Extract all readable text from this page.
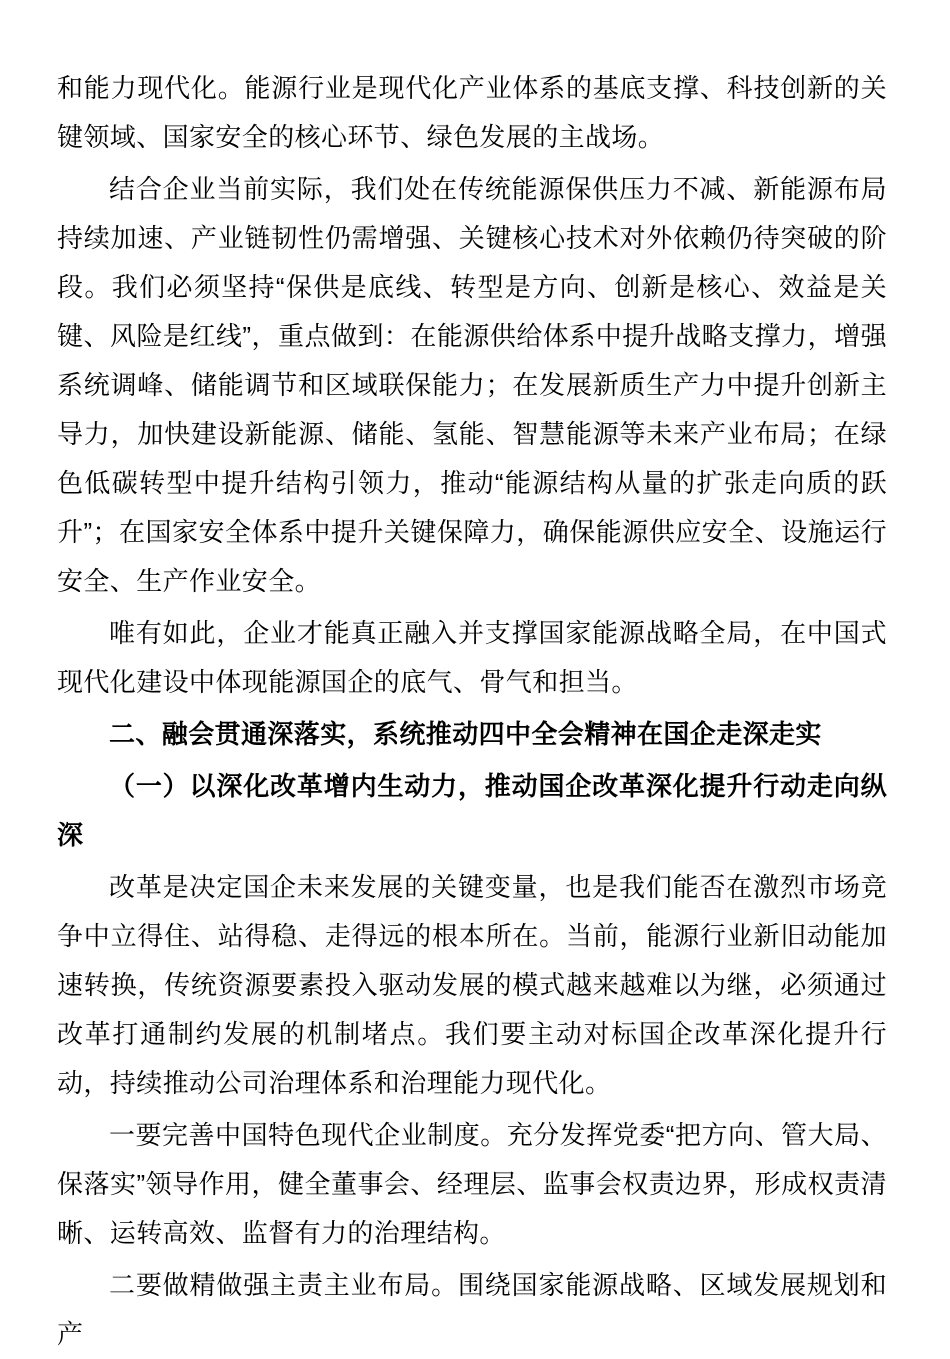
和能力现代化。能源行业是现代化产业体系的基底支撑、科技创新的关键领域、国家安全的核心环节、绿色发展的主战场。

结合企业当前实际，我们处在传统能源保供压力不减、新能源布局持续加速、产业链韧性仍需增强、关键核心技术对外依赖仍待突破的阶段。我们必须坚持“保供是底线、转型是方向、创新是核心、效益是关键、风险是红线”，重点做到：在能源供给体系中提升战略支撑力，增强系统调峰、储能调节和区域联保能力；在发展新质生产力中提升创新主导力，加快建设新能源、储能、氢能、智慧能源等未来产业布局；在绿色低碳转型中提升结构引领力，推动“能源结构从量的扩张走向质的跃升”；在国家安全体系中提升关键保障力，确保能源供应安全、设施运行安全、生产作业安全。

唯有如此，企业才能真正融入并支撑国家能源战略全局，在中国式现代化建设中体现能源国企的底气、骨气和担当。

二、融会贯通深落实，系统推动四中全会精神在国企走深走实

（一）以深化改革增内生动力，推动国企改革深化提升行动走向纵深

改革是决定国企未来发展的关键变量，也是我们能否在激烈市场竞争中立得住、站得稳、走得远的根本所在。当前，能源行业新旧动能加速转换，传统资源要素投入驱动发展的模式越来越难以为继，必须通过改革打通制约发展的机制堵点。我们要主动对标国企改革深化提升行动，持续推动公司治理体系和治理能力现代化。

一要完善中国特色现代企业制度。充分发挥党委“把方向、管大局、保落实”领导作用，健全董事会、经理层、监事会权责边界，形成权责清晰、运转高效、监督有力的治理结构。

二要做精做强主责主业布局。围绕国家能源战略、区域发展规划和产
